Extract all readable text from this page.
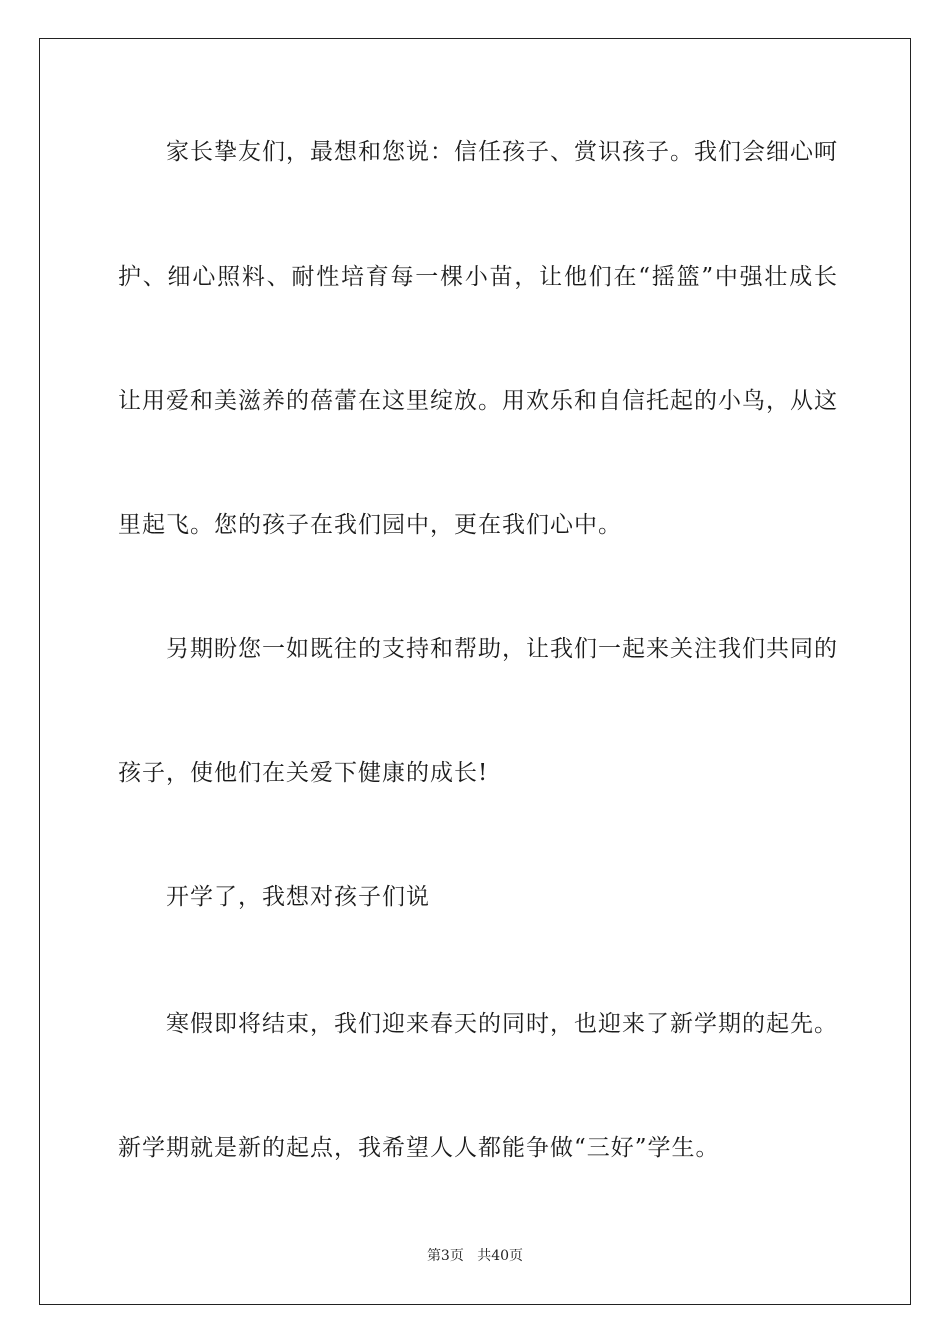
　　家长挚友们，最想和您说：信任孩子、赏识孩子。我们会细心呵
护、细心照料、耐性培育每一棵小苗，让他们在“摇篮”中强壮成长
让用爱和美滋养的蓓蕾在这里绽放。用欢乐和自信托起的小鸟，从这
里起飞。您的孩子在我们园中，更在我们心中。
　　另期盼您一如既往的支持和帮助，让我们一起来关注我们共同的
孩子，使他们在关爱下健康的成长!
　　开学了，我想对孩子们说
　　寒假即将结束，我们迎来春天的同时，也迎来了新学期的起先。
新学期就是新的起点，我希望人人都能争做“三好”学生。
第3页 共40页
